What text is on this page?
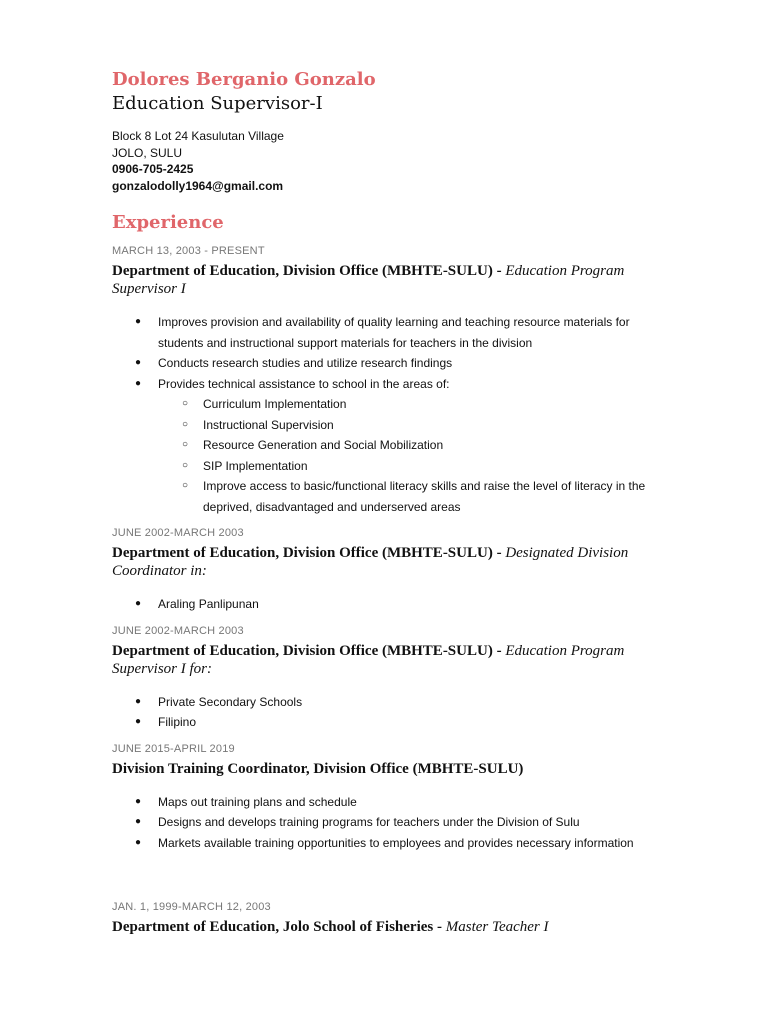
Dolores Berganio Gonzalo
Education Supervisor-I
Block 8 Lot 24 Kasulutan Village
JOLO, SULU
0906-705-2425
gonzalodolly1964@gmail.com
Experience
MARCH 13, 2003 - PRESENT
Department of Education, Division Office (MBHTE-SULU) - Education Program Supervisor I
● Improves provision and availability of quality learning and teaching resource materials for students and instructional support materials for teachers in the division
● Conducts research studies and utilize research findings
● Provides technical assistance to school in the areas of:
○ Curriculum Implementation
○ Instructional Supervision
○ Resource Generation and Social Mobilization
○ SIP Implementation
○ Improve access to basic/functional literacy skills and raise the level of literacy in the deprived, disadvantaged and underserved areas
JUNE 2002-MARCH 2003
Department of Education, Division Office (MBHTE-SULU) - Designated Division Coordinator in:
● Araling Panlipunan
JUNE 2002-MARCH 2003
Department of Education, Division Office (MBHTE-SULU) - Education Program Supervisor I for:
● Private Secondary Schools
● Filipino
JUNE 2015-APRIL 2019
Division Training Coordinator, Division Office (MBHTE-SULU)
● Maps out training plans and schedule
● Designs and develops training programs for teachers under the Division of Sulu
● Markets available training opportunities to employees and provides necessary information
JAN. 1, 1999-MARCH 12, 2003
Department of Education, Jolo School of Fisheries - Master Teacher I
